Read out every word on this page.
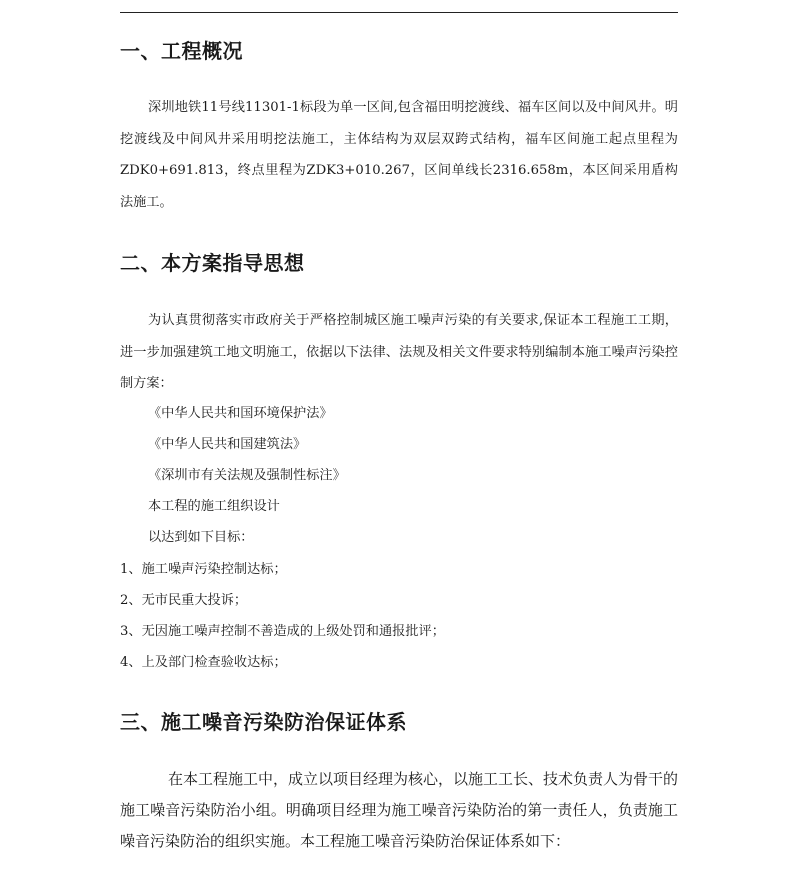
一、工程概况
深圳地铁11号线11301-1标段为单一区间,包含福田明挖渡线、福车区间以及中间风井。明挖渡线及中间风井采用明挖法施工，主体结构为双层双跨式结构，福车区间施工起点里程为ZDK0+691.813，终点里程为ZDK3+010.267，区间单线长2316.658m，本区间采用盾构法施工。
二、本方案指导思想
为认真贯彻落实市政府关于严格控制城区施工噪声污染的有关要求,保证本工程施工工期，进一步加强建筑工地文明施工，依据以下法律、法规及相关文件要求特别编制本施工噪声污染控制方案：
《中华人民共和国环境保护法》
《中华人民共和国建筑法》
《深圳市有关法规及强制性标注》
本工程的施工组织设计
以达到如下目标：
1、施工噪声污染控制达标；
2、无市民重大投诉；
3、无因施工噪声控制不善造成的上级处罚和通报批评；
4、上及部门检查验收达标；
三、施工噪音污染防治保证体系
在本工程施工中，成立以项目经理为核心，以施工工长、技术负责人为骨干的施工噪音污染防治小组。明确项目经理为施工噪音污染防治的第一责任人，负责施工噪音污染防治的组织实施。本工程施工噪音污染防治保证体系如下：
